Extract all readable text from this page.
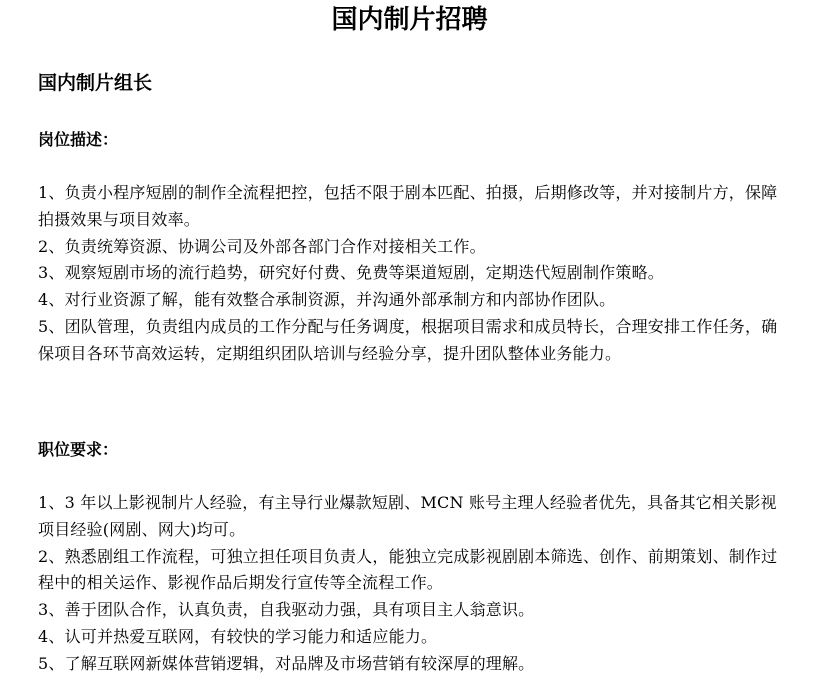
国内制片招聘
国内制片组长
岗位描述：
1、负责小程序短剧的制作全流程把控，包括不限于剧本匹配、拍摄，后期修改等，并对接制片方，保障拍摄效果与项目效率。
2、负责统筹资源、协调公司及外部各部门合作对接相关工作。
3、观察短剧市场的流行趋势，研究好付费、免费等渠道短剧，定期迭代短剧制作策略。
4、对行业资源了解，能有效整合承制资源，并沟通外部承制方和内部协作团队。
5、团队管理，负责组内成员的工作分配与任务调度，根据项目需求和成员特长，合理安排工作任务，确保项目各环节高效运转，定期组织团队培训与经验分享，提升团队整体业务能力。
职位要求：
1、3 年以上影视制片人经验，有主导行业爆款短剧、MCN 账号主理人经验者优先，具备其它相关影视项目经验(网剧、网大)均可。
2、熟悉剧组工作流程，可独立担任项目负责人，能独立完成影视剧剧本筛选、创作、前期策划、制作过程中的相关运作、影视作品后期发行宣传等全流程工作。
3、善于团队合作，认真负责，自我驱动力强，具有项目主人翁意识。
4、认可并热爱互联网，有较快的学习能力和适应能力。
5、了解互联网新媒体营销逻辑，对品牌及市场营销有较深厚的理解。
